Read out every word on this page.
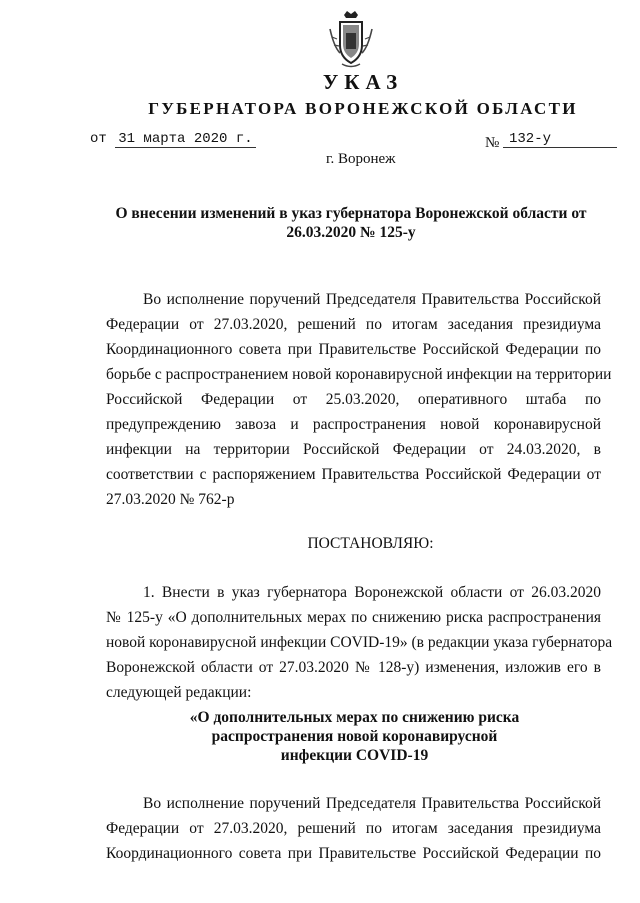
УКАЗ
ГУБЕРНАТОРА ВОРОНЕЖСКОЙ ОБЛАСТИ
от 31 марта 2020 г.	№ 132-у
г. Воронеж
О внесении изменений в указ губернатора Воронежской области от
26.03.2020 № 125-у
Во исполнение поручений Председателя Правительства Российской
Федерации от 27.03.2020, решений по итогам заседания президиума
Координационного совета при Правительстве Российской Федерации по
борьбе с распространением новой коронавирусной инфекции на территории
Российской Федерации от 25.03.2020, оперативного штаба по
предупреждению завоза и распространения новой коронавирусной
инфекции на территории Российской Федерации от 24.03.2020, в
соответствии с распоряжением Правительства Российской Федерации от
27.03.2020 № 762-р
ПОСТАНОВЛЯЮ:
1. Внести в указ губернатора Воронежской области от 26.03.2020
№ 125-у «О дополнительных мерах по снижению риска распространения
новой коронавирусной инфекции COVID-19» (в редакции указа губернатора
Воронежской области от 27.03.2020 № 128-у) изменения, изложив его в
следующей редакции:
«О дополнительных мерах по снижению риска
распространения новой коронавирусной
инфекции COVID-19
Во исполнение поручений Председателя Правительства Российской
Федерации от 27.03.2020, решений по итогам заседания президиума
Координационного совета при Правительстве Российской Федерации по
